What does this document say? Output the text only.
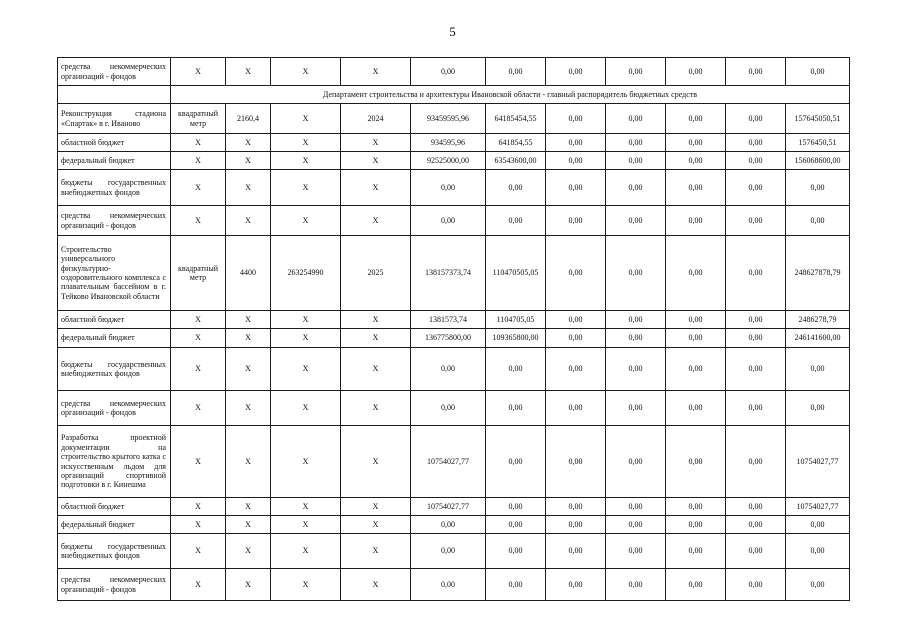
5
средства некоммерческих организаций - фондов	X	X	X	X	0,00	0,00	0,00	0,00	0,00	0,00	0,00
	Департамент строительства и архитектуры Ивановской области - главный распорядитель бюджетных средств										
Реконструкция стадиона «Спартак» в г. Иваново	квадратный метр	2160,4	X	2024	93459595,96	64185454,55	0,00	0,00	0,00	0,00	157645050,51
областной бюджет	X	X	X	X	934595,96	641854,55	0,00	0,00	0,00	0,00	1576450,51
федеральный бюджет	X	X	X	X	92525000,00	63543600,00	0,00	0,00	0,00	0,00	156068600,00
бюджеты государственных внебюджетных фондов	X	X	X	X	0,00	0,00	0,00	0,00	0,00	0,00	0,00
средства некоммерческих организаций - фондов	X	X	X	X	0,00	0,00	0,00	0,00	0,00	0,00	0,00
Строительство универсального физкультурно-оздоровительного комплекса с плавательным бассейном в г. Тейково Ивановской области	квадратный метр	4400	263254990	2025	138157373,74	110470505,05	0,00	0,00	0,00	0,00	248627878,79
областной бюджет	X	X	X	X	1381573,74	1104705,05	0,00	0,00	0,00	0,00	2486278,79
федеральный бюджет	X	X	X	X	136775800,00	109365800,00	0,00	0,00	0,00	0,00	246141600,00
бюджеты государственных внебюджетных фондов	X	X	X	X	0,00	0,00	0,00	0,00	0,00	0,00	0,00
средства некоммерческих организаций - фондов	X	X	X	X	0,00	0,00	0,00	0,00	0,00	0,00	0,00
Разработка проектной документации на строительство крытого катка с искусственным льдом для организаций спортивной подготовки в г. Кинешма	X	X	X	X	10754027,77	0,00	0,00	0,00	0,00	0,00	10754027,77
областной бюджет	X	X	X	X	10754027,77	0,00	0,00	0,00	0,00	0,00	10754027,77
федеральный бюджет	X	X	X	X	0,00	0,00	0,00	0,00	0,00	0,00	0,00
бюджеты государственных внебюджетных фондов	X	X	X	X	0,00	0,00	0,00	0,00	0,00	0,00	0,00
средства некоммерческих организаций - фондов	X	X	X	X	0,00	0,00	0,00	0,00	0,00	0,00	0,00
